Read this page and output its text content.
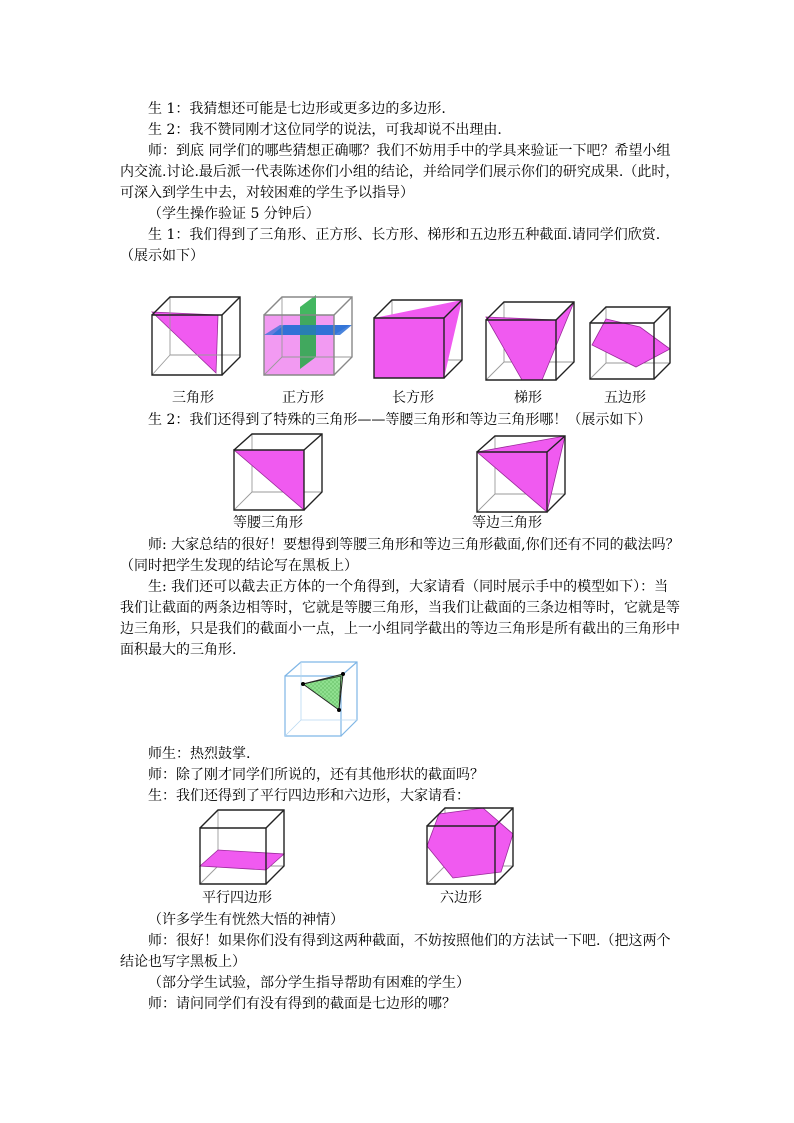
生 1：我猜想还可能是七边形或更多边的多边形.
生 2：我不赞同刚才这位同学的说法，可我却说不出理由.
师：到底 同学们的哪些猜想正确哪？我们不妨用手中的学具来验证一下吧？希望小组
内交流.讨论.最后派一代表陈述你们小组的结论，并给同学们展示你们的研究成果.（此时，
可深入到学生中去，对较困难的学生予以指导）
（学生操作验证 5 分钟后）
生 1：我们得到了三角形、正方形、长方形、梯形和五边形五种截面.请同学们欣赏.
（展示如下）
三角形	正方形	长方形	梯形	五边形
生 2：我们还得到了特殊的三角形——等腰三角形和等边三角形哪！（展示如下）
等腰三角形	等边三角形
师: 大家总结的很好！要想得到等腰三角形和等边三角形截面,你们还有不同的截法吗？
（同时把学生发现的结论写在黑板上）
生: 我们还可以截去正方体的一个角得到，大家请看（同时展示手中的模型如下）：当
我们让截面的两条边相等时，它就是等腰三角形，当我们让截面的三条边相等时，它就是等
边三角形，只是我们的截面小一点，上一小组同学截出的等边三角形是所有截出的三角形中
面积最大的三角形.
师生：热烈鼓掌.
师：除了刚才同学们所说的，还有其他形状的截面吗？
生：我们还得到了平行四边形和六边形，大家请看：
平行四边形	六边形
（许多学生有恍然大悟的神情）
师：很好！如果你们没有得到这两种截面，不妨按照他们的方法试一下吧.（把这两个
结论也写字黑板上）
（部分学生试验，部分学生指导帮助有困难的学生）
师：请问同学们有没有得到的截面是七边形的哪？
